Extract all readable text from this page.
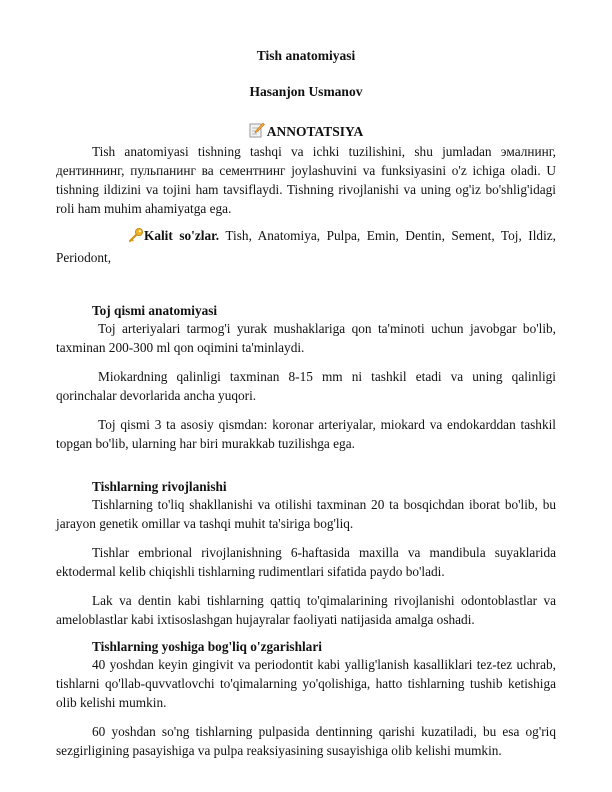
Tish anatomiyasi
Hasanjon Usmanov
ANNOTATSIYA

Tish anatomiyasi tishning tashqi va ichki tuzilishini, shu jumladan эмалнинг, дентиннинг, пульпанинг ва сементнинг joylashuvini va funksiyasini o'z ichiga oladi. U tishning ildizini va tojini ham tavsiflaydi. Tishning rivojlanishi va uning og'iz bo'shlig'idagi roli ham muhim ahamiyatga ega.

Kalit so'zlar. Tish, Anatomiya, Pulpa, Emin, Dentin, Sement, Toj, Ildiz, Periodont,

Toj qismi anatomiyasi

Toj arteriyalari tarmog'i yurak mushaklariga qon ta'minoti uchun javobgar bo'lib, taxminan 200-300 ml qon oqimini ta'minlaydi.

Miokardning qalinligi taxminan 8-15 mm ni tashkil etadi va uning qalinligi qorinchalar devorlarida ancha yuqori.

Toj qismi 3 ta asosiy qismdan: koronar arteriyalar, miokard va endokarddan tashkil topgan bo'lib, ularning har biri murakkab tuzilishga ega.

Tishlarning rivojlanishi

Tishlarning to'liq shakllanishi va otilishi taxminan 20 ta bosqichdan iborat bo'lib, bu jarayon genetik omillar va tashqi muhit ta'siriga bog'liq.

Tishlar embrional rivojlanishning 6-haftasida maxilla va mandibula suyaklarida ektodermal kelib chiqishli tishlarning rudimentlari sifatida paydo bo'ladi.

Lak va dentin kabi tishlarning qattiq to'qimalarining rivojlanishi odontoblastlar va ameloblastlar kabi ixtisoslashgan hujayralar faoliyati natijasida amalga oshadi.

Tishlarning yoshiga bog'liq o'zgarishlari

40 yoshdan keyin gingivit va periodontit kabi yallig'lanish kasalliklari tez-tez uchrab, tishlarni qo'llab-quvvatlovchi to'qimalarning yo'qolishiga, hatto tishlarning tushib ketishiga olib kelishi mumkin.

60 yoshdan so'ng tishlarning pulpasida dentinning qarishi kuzatiladi, bu esa og'riq sezgirligining pasayishiga va pulpa reaksiyasining susayishiga olib kelishi mumkin.
